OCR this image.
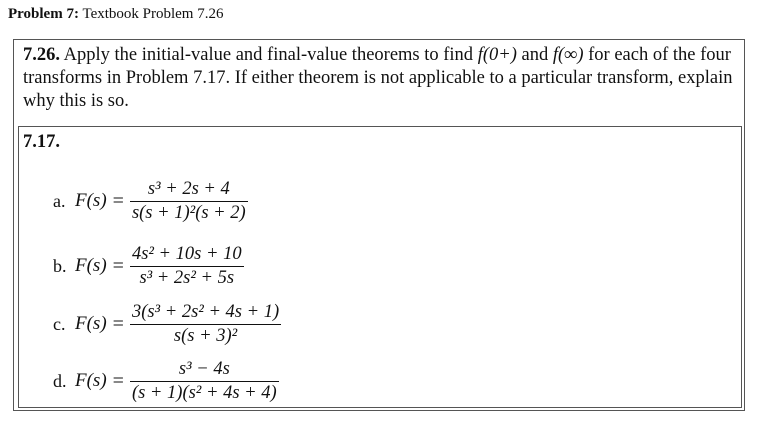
Problem 7: Textbook Problem 7.26
7.26. Apply the initial-value and final-value theorems to find f(0+) and f(∞) for each of the four transforms in Problem 7.17. If either theorem is not applicable to a particular transform, explain why this is so.
7.17.
a. $F(s) = \frac{\text{s³ + 2s + 4}}{\text{s(s + 1)²(s + 2)}}$
b. $F(s) = \frac{\text{4s² + 10s + 10}}{\text{s³ + 2s² + 5s}}$
c. $F(s) = \frac{\text{3(s³ + 2s² + 4s + 1)}}{\text{s(s + 3)²}}$
d. $F(s) = \frac{\text{s³ − 4s}}{\text{(s + 1)(s² + 4s + 4)}}$
